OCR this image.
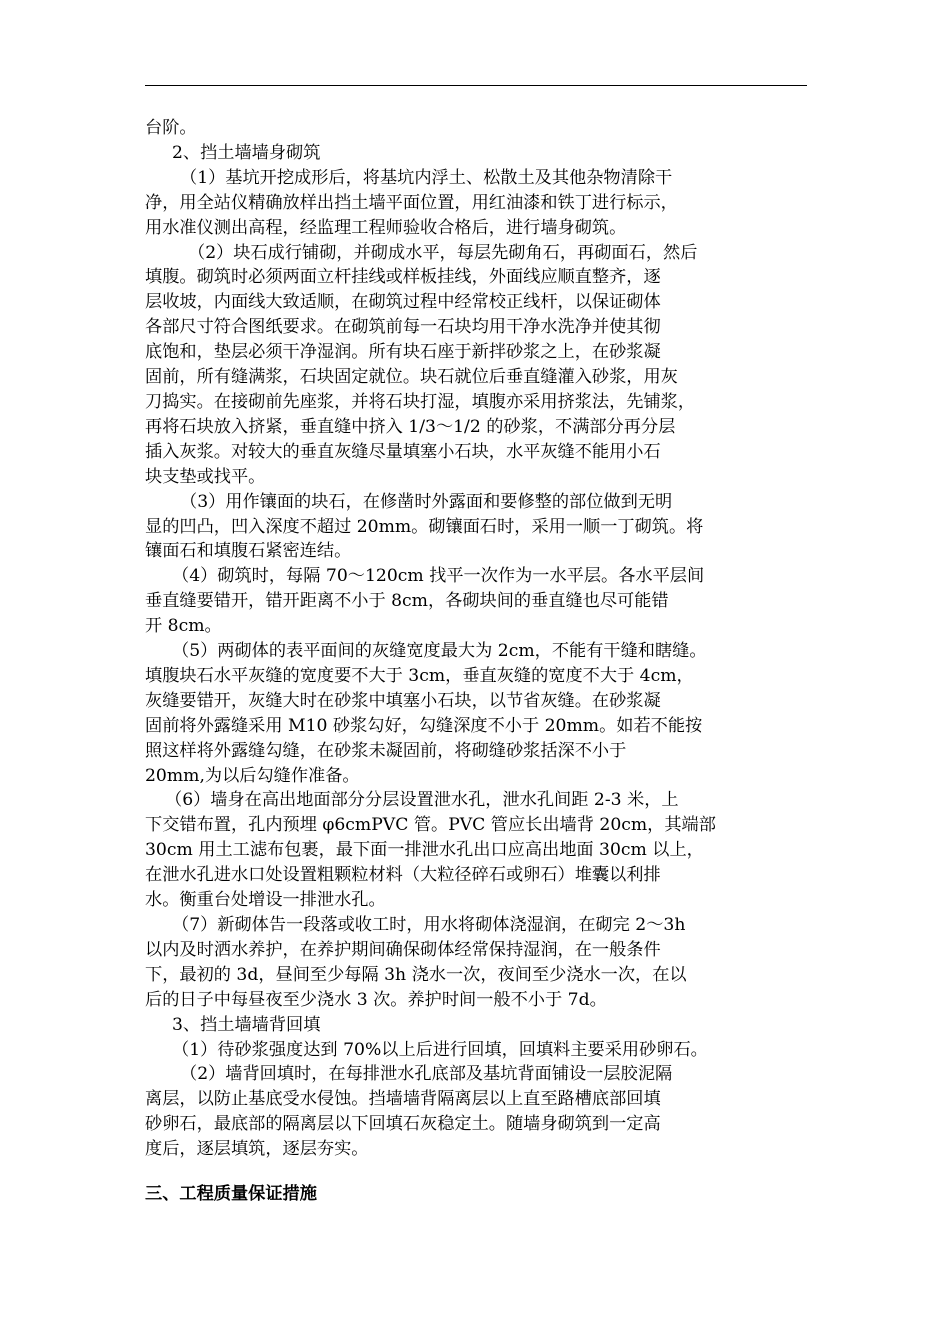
台阶。

2、挡土墙墙身砌筑

（1）基坑开挖成形后，将基坑内浮土、松散土及其他杂物清除干

净，用全站仪精确放样出挡土墙平面位置，用红油漆和铁丁进行标示，

用水准仪测出高程，经监理工程师验收合格后，进行墙身砌筑。

（2）块石成行铺砌，并砌成水平，每层先砌角石，再砌面石，然后

填腹。砌筑时必须两面立杆挂线或样板挂线，外面线应顺直整齐，逐

层收坡，内面线大致适顺，在砌筑过程中经常校正线杆，以保证砌体

各部尺寸符合图纸要求。在砌筑前每一石块均用干净水洗净并使其彻

底饱和，垫层必须干净湿润。所有块石座于新拌砂浆之上，在砂浆凝

固前，所有缝满浆，石块固定就位。块石就位后垂直缝灌入砂浆，用灰

刀捣实。在接砌前先座浆，并将石块打湿，填腹亦采用挤浆法，先铺浆，

再将石块放入挤紧，垂直缝中挤入 1/3～1/2 的砂浆，不满部分再分层

插入灰浆。对较大的垂直灰缝尽量填塞小石块，水平灰缝不能用小石

块支垫或找平。

（3）用作镶面的块石，在修凿时外露面和要修整的部位做到无明

显的凹凸，凹入深度不超过 20mm。砌镶面石时，采用一顺一丁砌筑。将

镶面石和填腹石紧密连结。

（4）砌筑时，每隔 70～120cm 找平一次作为一水平层。各水平层间

垂直缝要错开，错开距离不小于 8cm，各砌块间的垂直缝也尽可能错

开 8cm。

（5）两砌体的表平面间的灰缝宽度最大为 2cm，不能有干缝和瞎缝。

填腹块石水平灰缝的宽度要不大于 3cm，垂直灰缝的宽度不大于 4cm，

灰缝要错开，灰缝大时在砂浆中填塞小石块，以节省灰缝。在砂浆凝

固前将外露缝采用 M10 砂浆勾好，勾缝深度不小于 20mm。如若不能按

照这样将外露缝勾缝，在砂浆未凝固前，将砌缝砂浆括深不小于

20mm,为以后勾缝作准备。

（6）墙身在高出地面部分分层设置泄水孔，泄水孔间距 2-3 米，上

下交错布置，孔内预埋 φ6cmPVC 管。PVC 管应长出墙背 20cm，其端部

30cm 用土工滤布包裹，最下面一排泄水孔出口应高出地面 30cm 以上，

在泄水孔进水口处设置粗颗粒材料（大粒径碎石或卵石）堆囊以利排

水。衡重台处增设一排泄水孔。

（7）新砌体告一段落或收工时，用水将砌体浇湿润，在砌完 2～3h

以内及时洒水养护，在养护期间确保砌体经常保持湿润，在一般条件

下，最初的 3d，昼间至少每隔 3h 浇水一次，夜间至少浇水一次，在以

后的日子中每昼夜至少浇水 3 次。养护时间一般不小于 7d。

3、挡土墙墙背回填

（1）待砂浆强度达到 70%以上后进行回填，回填料主要采用砂卵石。

（2）墙背回填时，在每排泄水孔底部及基坑背面铺设一层胶泥隔

离层，以防止基底受水侵蚀。挡墙墙背隔离层以上直至路槽底部回填

砂卵石，最底部的隔离层以下回填石灰稳定土。随墙身砌筑到一定高

度后，逐层填筑，逐层夯实。

三、工程质量保证措施
